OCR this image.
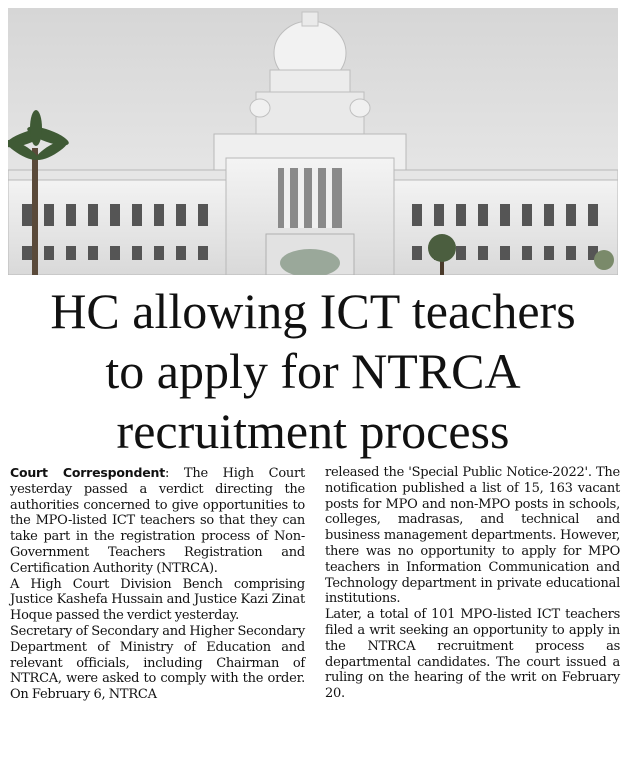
HC allowing ICT teachers
to apply for NTRCA
recruitment process

Court Correspondent: The High Court yesterday passed a verdict directing the authorities concerned to give opportunities to the MPO-listed ICT teachers so that they can take part in the registration process of Non- Government Teachers Registration and Certification Authority (NTRCA).

A High Court Division Bench comprising Justice Kashefa Hussain and Justice Kazi Zinat Hoque passed the verdict yesterday.

Secretary of Secondary and Higher Secondary Department of Ministry of Education and relevant officials, including Chairman of NTRCA, were asked to comply with the order. On February 6, NTRCA

released the 'Special Public Notice-2022'. The notification published a list of 15, 163 vacant posts for MPO and non-MPO posts in schools, colleges, madrasas, and technical and business management departments. However, there was no opportunity to apply for MPO teachers in Information Communication and Technology department in private educational institutions.

Later, a total of 101 MPO-listed ICT teachers filed a writ seeking an opportunity to apply in the NTRCA recruitment process as departmental candidates. The court issued a ruling on the hearing of the writ on February 20.
